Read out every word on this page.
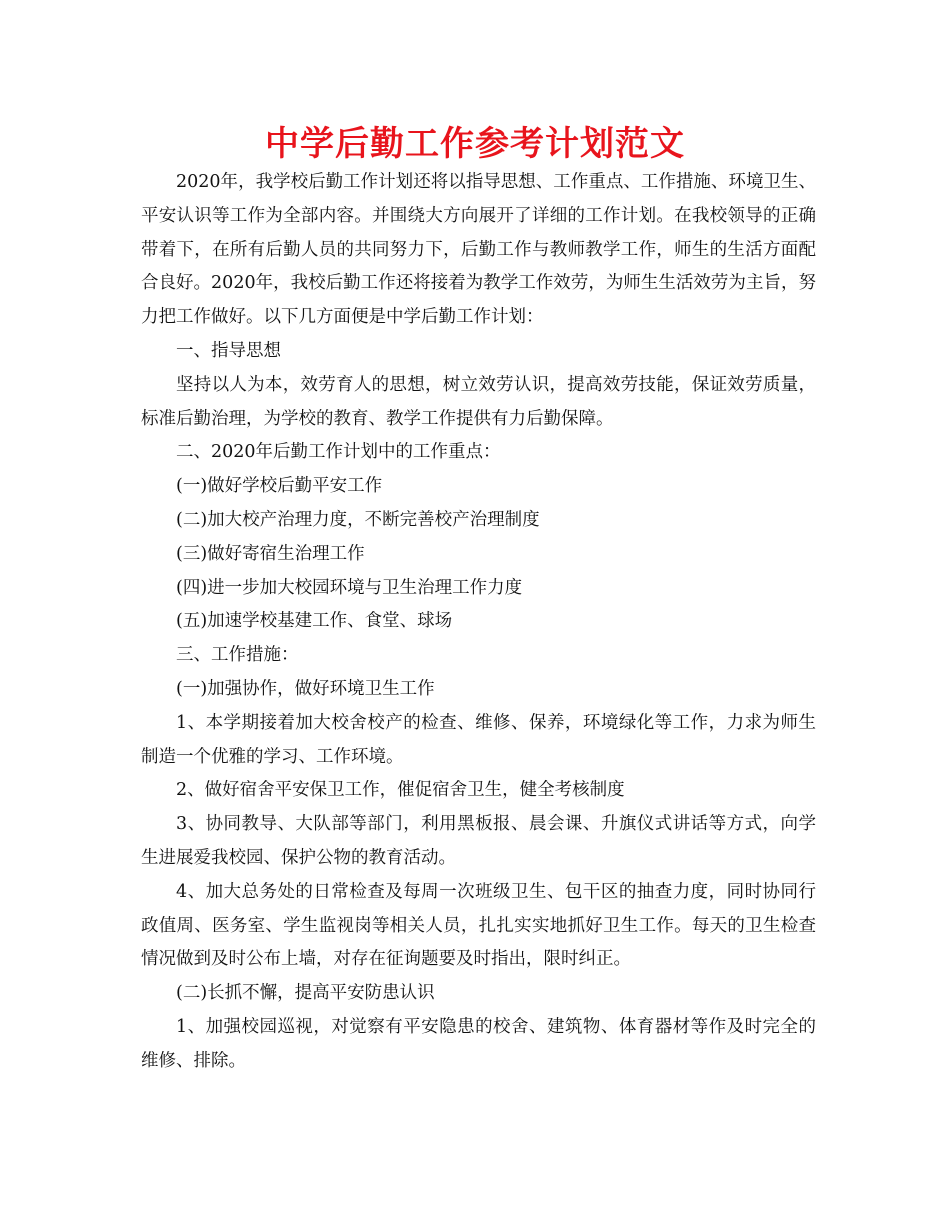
中学后勤工作参考计划范文

2020年，我学校后勤工作计划还将以指导思想、工作重点、工作措施、环境卫生、平安认识等工作为全部内容。并围绕大方向展开了详细的工作计划。在我校领导的正确带着下，在所有后勤人员的共同努力下，后勤工作与教师教学工作，师生的生活方面配合良好。2020年，我校后勤工作还将接着为教学工作效劳，为师生生活效劳为主旨，努力把工作做好。以下几方面便是中学后勤工作计划：

一、指导思想

坚持以人为本，效劳育人的思想，树立效劳认识，提高效劳技能，保证效劳质量，标准后勤治理，为学校的教育、教学工作提供有力后勤保障。

二、2020年后勤工作计划中的工作重点：

(一)做好学校后勤平安工作

(二)加大校产治理力度，不断完善校产治理制度

(三)做好寄宿生治理工作

(四)进一步加大校园环境与卫生治理工作力度

(五)加速学校基建工作、食堂、球场

三、工作措施：

(一)加强协作，做好环境卫生工作

1、本学期接着加大校舍校产的检查、维修、保养，环境绿化等工作，力求为师生制造一个优雅的学习、工作环境。

2、做好宿舍平安保卫工作，催促宿舍卫生，健全考核制度

3、协同教导、大队部等部门，利用黑板报、晨会课、升旗仪式讲话等方式，向学生进展爱我校园、保护公物的教育活动。

4、加大总务处的日常检查及每周一次班级卫生、包干区的抽查力度，同时协同行政值周、医务室、学生监视岗等相关人员，扎扎实实地抓好卫生工作。每天的卫生检查情况做到及时公布上墙，对存在征询题要及时指出，限时纠正。

(二)长抓不懈，提高平安防患认识

1、加强校园巡视，对觉察有平安隐患的校舍、建筑物、体育器材等作及时完全的维修、排除。
